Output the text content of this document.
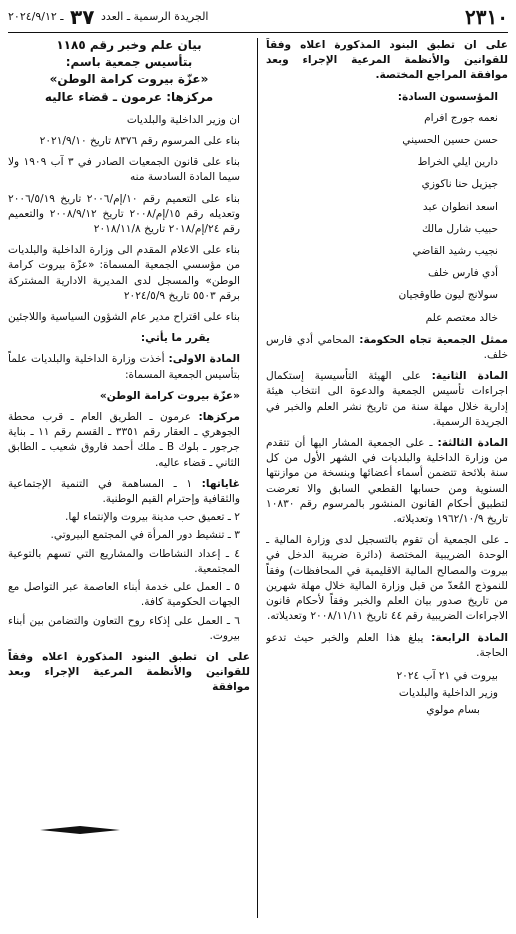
٢٣١٠
الجريدة الرسمية ـ العدد ٣٧ ـ ٢٠٢٤/٩/١٢

على ان تطبق البنود المذكورة اعلاه وفقاً للقوانين والأنظمة المرعية الإجراء وبعد موافقة المراجع المختصة.

المؤسسون السادة:

نعمه جورج افرام

حسن حسين الحسيني

دارين ايلي الخراط

جيزيل حنا ناكوزي

اسعد انطوان عبد

حبيب شارل مالك

نجيب رشيد القاضي

أدي فارس خلف

سولانج ليون طاوقجيان

خالد معتصم علم

ممثل الجمعية تجاه الحكومة: المحامي أدي فارس خلف.

المادة الثانية: على الهيئة التأسيسية إستكمال اجراءات تأسيس الجمعية والدعوة الى انتخاب هيئة إدارية خلال مهلة سنة من تاريخ نشر العلم والخبر في الجريدة الرسمية.

المادة الثالثة: ـ على الجمعية المشار اليها أن تتقدم من وزارة الداخلية والبلديات في الشهر الأول من كل سنة بلائحة تتضمن أسماء أعضائها وبنسخة من موازنتها السنوية ومن حسابها القطعي السابق والا تعرضت لتطبيق أحكام القانون المنشور بالمرسوم رقم ١٠٨٣٠ تاريخ ١٩٦٢/١٠/٩ وتعديلاته.

ـ على الجمعية أن تقوم بالتسجيل لدى وزارة المالية ـ الوحدة الضريبية المختصة (دائرة ضريبة الدخل في بيروت والمصالح المالية الاقليمية في المحافظات) وفقاً للنموذج المُعدّ من قبل وزارة المالية خلال مهلة شهرين من تاريخ صدور بيان العلم والخبر وفقاً لأحكام قانون الاجراءات الضريبية رقم ٤٤ تاريخ ٢٠٠٨/١١/١١ وتعديلاته.

المادة الرابعة: يبلغ هذا العلم والخبر حيث تدعو الحاجة.

بيروت في ٢١ آب ٢٠٢٤

وزير الداخلية والبلديات

بسام مولوي

بيان علم وخبر رقم ١١٨٥

بتأسيس جمعية باسم:

«عزّة بيروت كرامة الوطن»

مركزها: عرمون ـ قضاء عاليه

ان وزير الداخلية والبلديات

بناء على المرسوم رقم ٨٣٧٦ تاريخ ٢٠٢١/٩/١٠

بناء على قانون الجمعيات الصادر في ٣ آب ١٩٠٩ ولا سيما المادة السادسة منه

بناء على التعميم رقم ١٠/إم/٢٠٠٦ تاريخ ٢٠٠٦/٥/١٩ وتعديله رقم ١٥/إم/٢٠٠٨ تاريخ ٢٠٠٨/٩/١٢ والتعميم رقم ٢٤/إم/٢٠١٨ تاريخ ٢٠١٨/١١/٨

بناء على الاعلام المقدم الى وزارة الداخلية والبلديات من مؤسسي الجمعية المسماة: «عزّة بيروت كرامة الوطن» والمسجل لدى المديرية الادارية المشتركة برقم ٥٥٠٣ تاريخ ٢٠٢٤/٥/٩

بناء على اقتراح مدير عام الشؤون السياسية واللاجئين

يقرر ما يأتي:

المادة الاولى: أخذت وزارة الداخلية والبلديات علماً بتأسيس الجمعية المسماة:

«عزّة بيروت كرامة الوطن»

مركزها: عرمون ـ الطريق العام ـ قرب محطة الجوهري ـ العقار رقم ٣٣٥١ ـ القسم رقم ١١ ـ بناية جرجور ـ بلوك B ـ ملك أحمد فاروق شعيب ـ الطابق الثاني ـ قضاء عاليه.

غاياتها: ١ ـ المساهمة في التنمية الإجتماعية والثقافية وإحترام القيم الوطنية.

٢ ـ تعميق حب مدينة بيروت والإنتماء لها.

٣ ـ تنشيط دور المرأة في المجتمع البيروتي.

٤ ـ إعداد النشاطات والمشاريع التي تسهم بالتوعية المجتمعية.

٥ ـ العمل على خدمة أبناء العاصمة عبر التواصل مع الجهات الحكومية كافة.

٦ ـ العمل على إذكاء روح التعاون والتضامن بين أبناء بيروت.

على ان تطبق البنود المذكورة اعلاه وفقاً للقوانين والأنظمة المرعية الإجراء وبعد موافقة
